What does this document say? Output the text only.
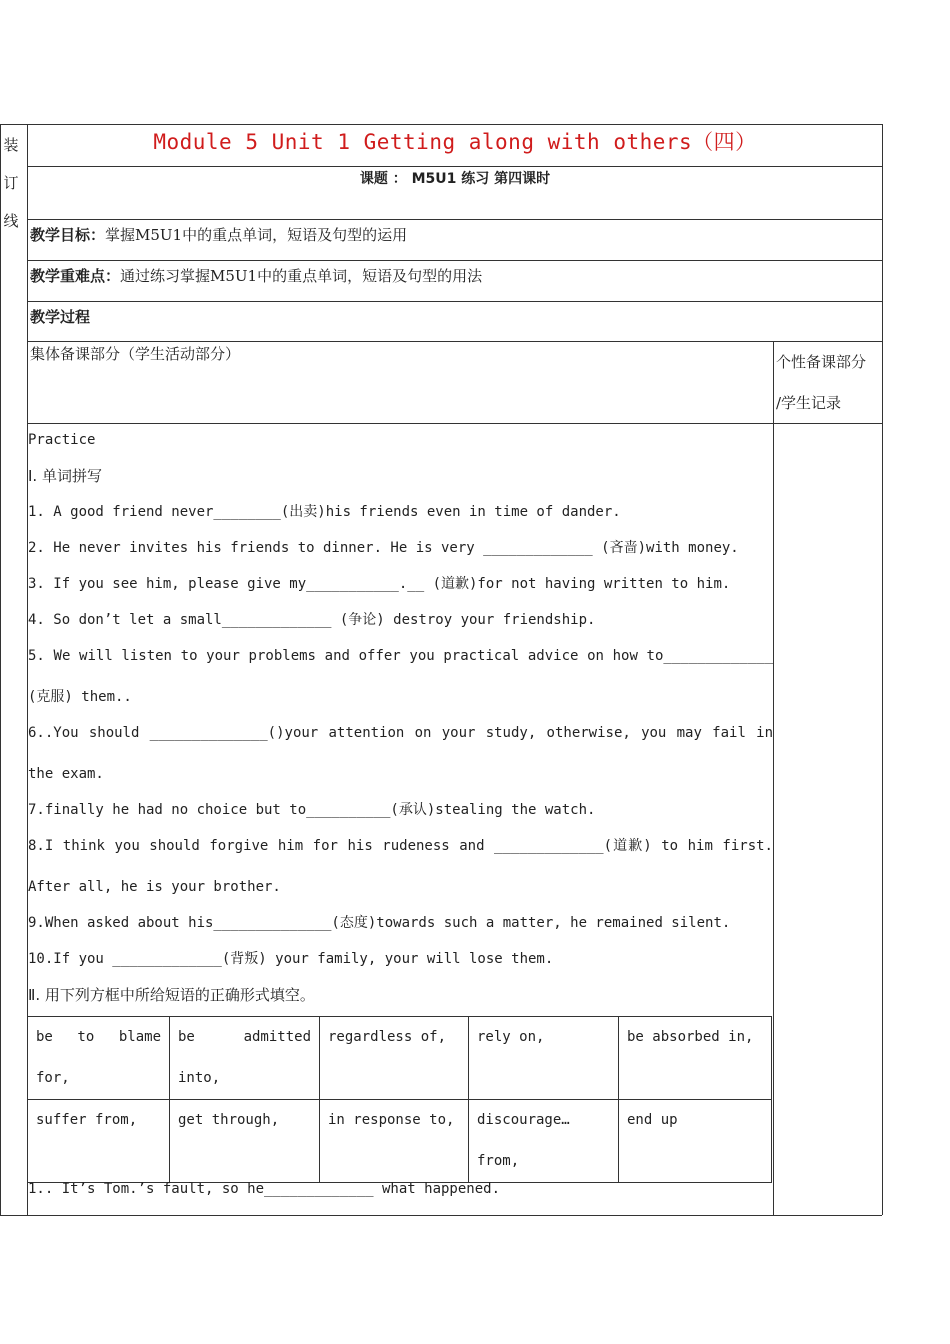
装
订
线
Module 5 Unit 1 Getting along with others（四）
课题 ： M5U1 练习 第四课时
教学目标：掌握M5U1中的重点单词，短语及句型的运用
教学重难点：通过练习掌握M5U1中的重点单词，短语及句型的用法
教学过程
集体备课部分（学生活动部分）	个性备课部分
/学生记录
Practice
Ⅰ. 单词拼写
1. A good friend never________(出卖)his friends even in time of dander.
2. He never invites his friends to dinner. He is very _____________ (吝啬)with money.
3. If you see him, please give my___________.__ (道歉)for not having written to him.
4. So don’t let a small_____________ (争论) destroy your friendship.
5. We will listen to your problems and offer you practical advice on how to_____________
(克服) them..
6..You should ______________()your attention on your study, otherwise, you may fail in
the exam.
7.finally he had no choice but to__________(承认)stealing the watch.
8.I think you should forgive him for his rudeness and _____________(道歉) to him first.
After all, he is your brother.
9.When asked about his______________(态度)towards such a matter, he remained silent.
10.If you _____________(背叛) your family, your will lose them.
Ⅱ. 用下列方框中所给短语的正确形式填空。
be to blame for,	be admitted into,	regardless of,	rely on,	be absorbed in,
suffer from,	get through,	in response to,	discourage… from,	end up
1.. It’s Tom.’s fault, so he_____________ what happened.
